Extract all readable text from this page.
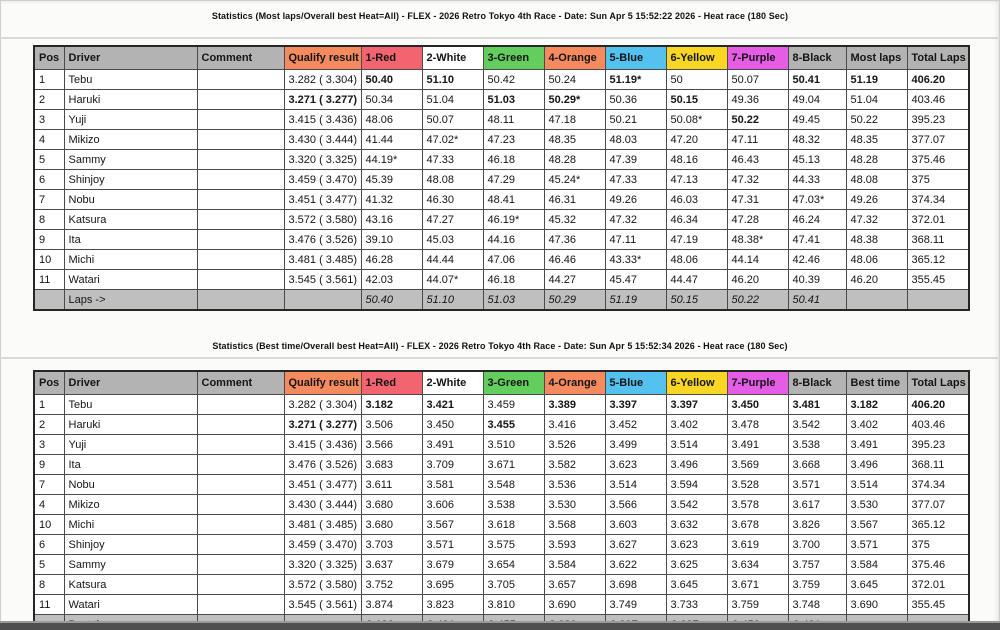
Statistics (Most laps/Overall best Heat=All) - FLEX - 2026 Retro Tokyo 4th Race - Date: Sun Apr 5 15:52:22 2026 - Heat race (180 Sec)
Pos	Driver	Comment	Qualify result	1-Red	2-White	3-Green	4-Orange	5-Blue	6-Yellow	7-Purple	8-Black	Most laps	Total Laps
1	Tebu		3.282 ( 3.304)	50.40	51.10	50.42	50.24	51.19*	50	50.07	50.41	51.19	406.20
2	Haruki		3.271 ( 3.277)	50.34	51.04	51.03	50.29*	50.36	50.15	49.36	49.04	51.04	403.46
3	Yuji		3.415 ( 3.436)	48.06	50.07	48.11	47.18	50.21	50.08*	50.22	49.45	50.22	395.23
4	Mikizo		3.430 ( 3.444)	41.44	47.02*	47.23	48.35	48.03	47.20	47.11	48.32	48.35	377.07
5	Sammy		3.320 ( 3.325)	44.19*	47.33	46.18	48.28	47.39	48.16	46.43	45.13	48.28	375.46
6	Shinjoy		3.459 ( 3.470)	45.39	48.08	47.29	45.24*	47.33	47.13	47.32	44.33	48.08	375
7	Nobu		3.451 ( 3.477)	41.32	46.30	48.41	46.31	49.26	46.03	47.31	47.03*	49.26	374.34
8	Katsura		3.572 ( 3.580)	43.16	47.27	46.19*	45.32	47.32	46.34	47.28	46.24	47.32	372.01
9	Ita		3.476 ( 3.526)	39.10	45.03	44.16	47.36	47.11	47.19	48.38*	47.41	48.38	368.11
10	Michi		3.481 ( 3.485)	46.28	44.44	47.06	46.46	43.33*	48.06	44.14	42.46	48.06	365.12
11	Watari		3.545 ( 3.561)	42.03	44.07*	46.18	44.27	45.47	44.47	46.20	40.39	46.20	355.45
	Laps ->			50.40	51.10	51.03	50.29	51.19	50.15	50.22	50.41		
Statistics (Best time/Overall best Heat=All) - FLEX - 2026 Retro Tokyo 4th Race - Date: Sun Apr 5 15:52:34 2026 - Heat race (180 Sec)
Pos	Driver	Comment	Qualify result	1-Red	2-White	3-Green	4-Orange	5-Blue	6-Yellow	7-Purple	8-Black	Best time	Total Laps
1	Tebu		3.282 ( 3.304)	3.182	3.421	3.459	3.389	3.397	3.397	3.450	3.481	3.182	406.20
2	Haruki		3.271 ( 3.277)	3.506	3.450	3.455	3.416	3.452	3.402	3.478	3.542	3.402	403.46
3	Yuji		3.415 ( 3.436)	3.566	3.491	3.510	3.526	3.499	3.514	3.491	3.538	3.491	395.23
9	Ita		3.476 ( 3.526)	3.683	3.709	3.671	3.582	3.623	3.496	3.569	3.668	3.496	368.11
7	Nobu		3.451 ( 3.477)	3.611	3.581	3.548	3.536	3.514	3.594	3.528	3.571	3.514	374.34
4	Mikizo		3.430 ( 3.444)	3.680	3.606	3.538	3.530	3.566	3.542	3.578	3.617	3.530	377.07
10	Michi		3.481 ( 3.485)	3.680	3.567	3.618	3.568	3.603	3.632	3.678	3.826	3.567	365.12
6	Shinjoy		3.459 ( 3.470)	3.703	3.571	3.575	3.593	3.627	3.623	3.619	3.700	3.571	375
5	Sammy		3.320 ( 3.325)	3.637	3.679	3.654	3.584	3.622	3.625	3.634	3.757	3.584	375.46
8	Katsura		3.572 ( 3.580)	3.752	3.695	3.705	3.657	3.698	3.645	3.671	3.759	3.645	372.01
11	Watari		3.545 ( 3.561)	3.874	3.823	3.810	3.690	3.749	3.733	3.759	3.748	3.690	355.45
